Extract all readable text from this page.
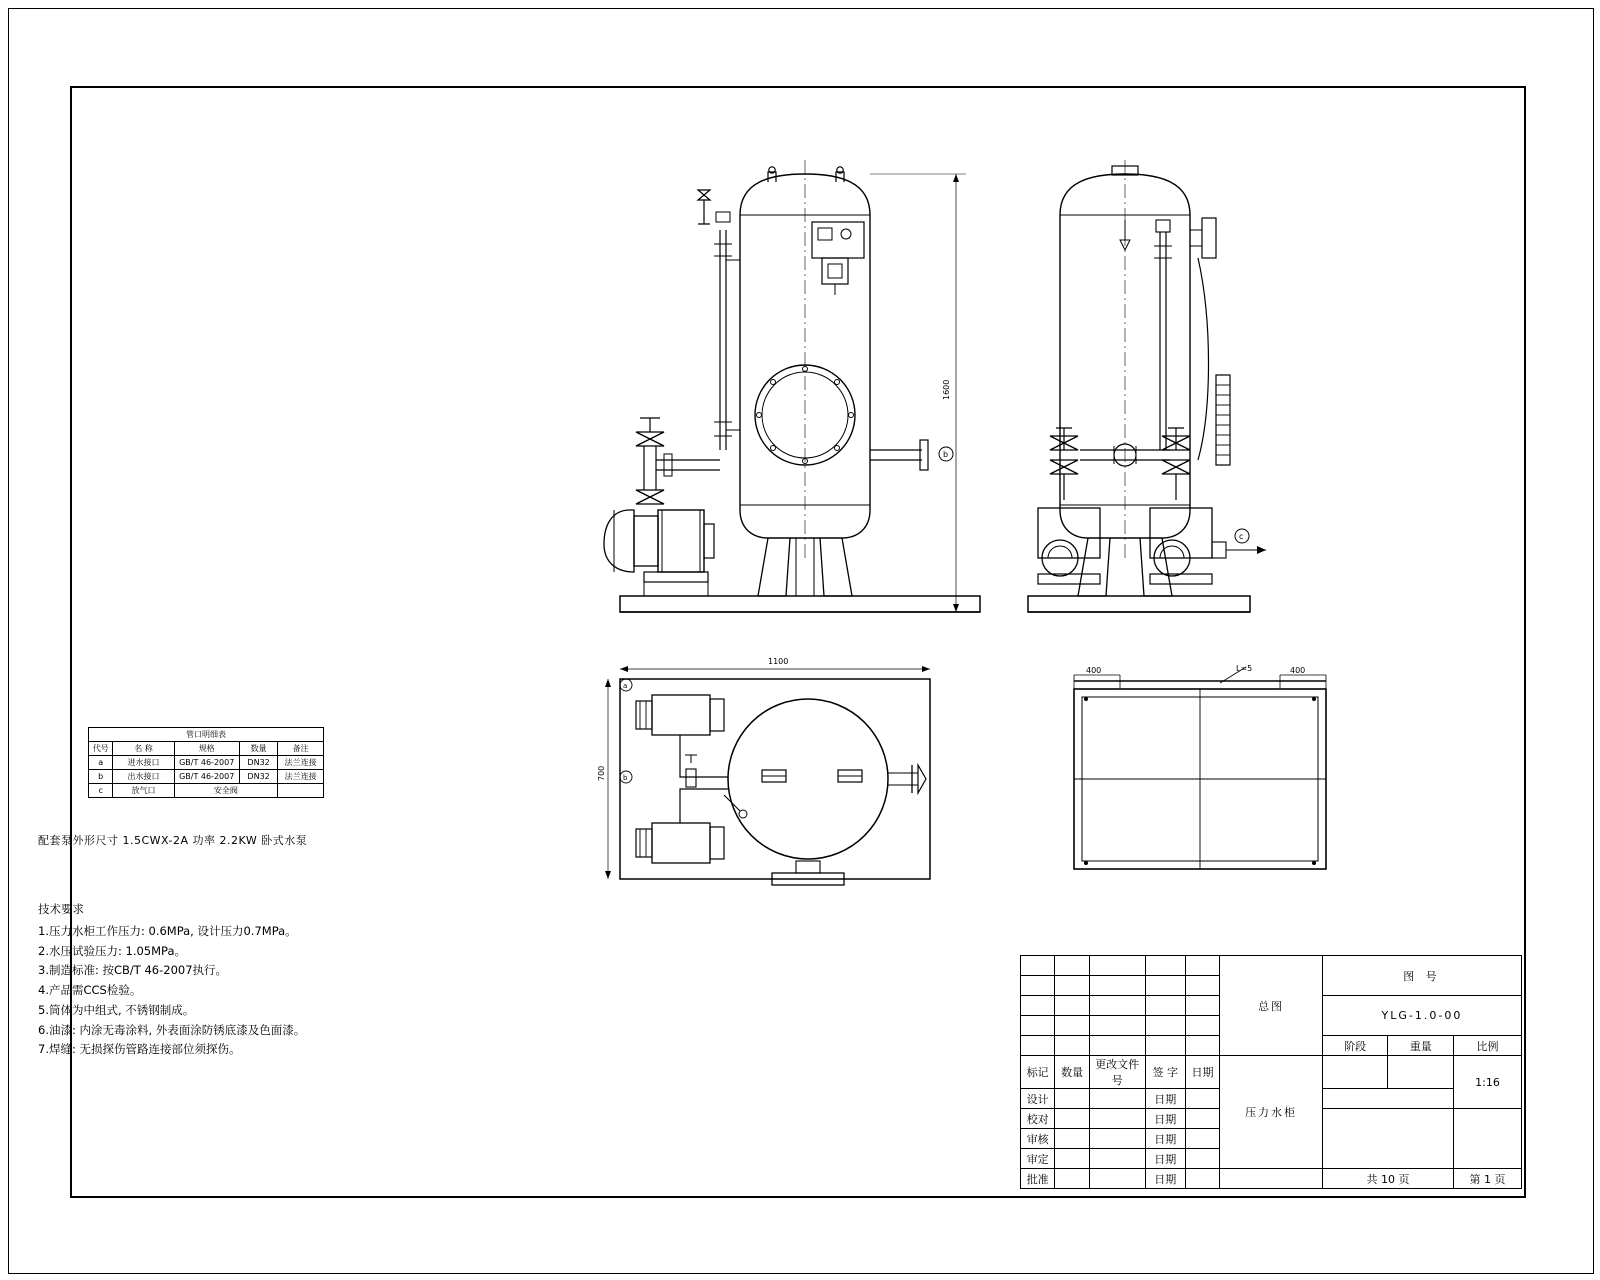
b
1600
c
1100
700
a
b
400	400
L=5
管口明细表				
代号	名 称	规格	数量	备注
a	进水接口	GB/T 46-2007	DN32	法兰连接
b	出水接口	GB/T 46-2007	DN32	法兰连接
c	放气口	安全阀		
配套泵外形尺寸 1.5CWX-2A 功率 2.2KW 卧式水泵
技术要求
1.压力水柜工作压力: 0.6MPa, 设计压力0.7MPa。
2.水压试验压力: 1.05MPa。
3.制造标准: 按CB/T 46-2007执行。
4.产品需CCS检验。
5.筒体为中组式, 不锈钢制成。
6.油漆: 内涂无毒涂料, 外表面涂防锈底漆及色面漆。
7.焊缝: 无损探伤管路连接部位须探伤。
					总图	图 号		

						YLG-1.0-00		

						阶段	重量	比例
标记	数量	更改文件号	签 字	日期	压力水柜			1:16
设计			日期					
校对			日期					
审核			日期					
审定			日期					
批准			日期			共 10 页		第 1 页
